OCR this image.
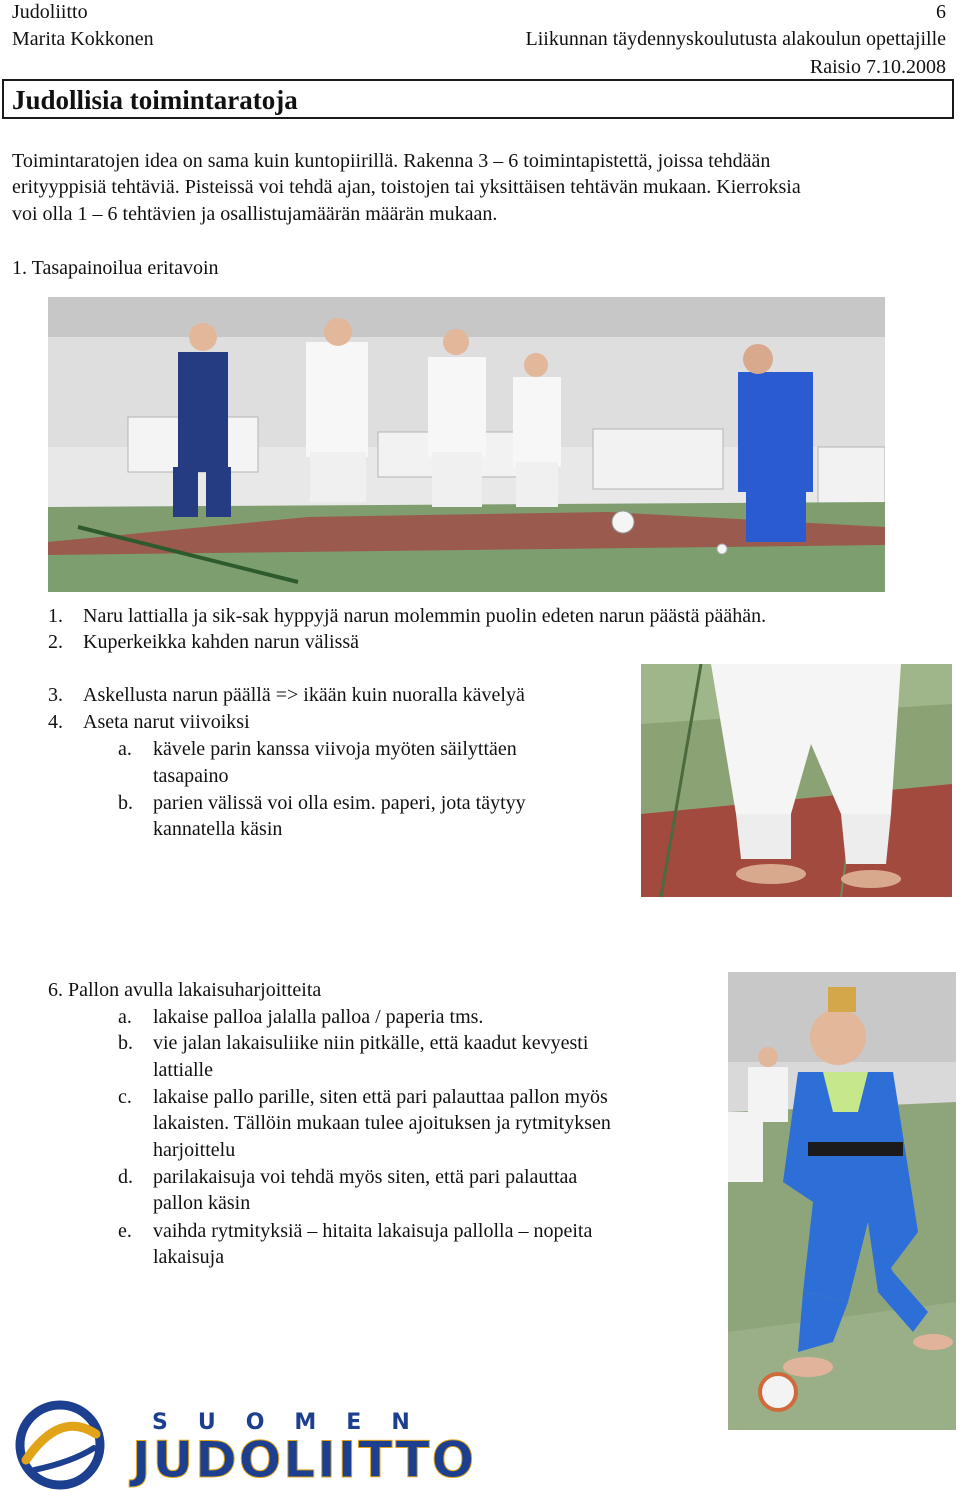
Judoliitto	6
Marita Kokkonen	Liikunnan täydennyskoulutusta alakoulun opettajille
Raisio 7.10.2008
Judollisia toimintaratoja
Toimintaratojen idea on sama kuin kuntopiirillä. Rakenna 3 – 6 toimintapistettä, joissa tehdään
erityyppisiä tehtäviä. Pisteissä voi tehdä ajan, toistojen tai yksittäisen tehtävän mukaan. Kierroksia
voi olla 1 – 6 tehtävien ja osallistujamäärän määrän mukaan.
1. Tasapainoilua eritavoin
1. Naru lattialla ja sik-sak hyppyjä narun molemmin puolin edeten narun päästä päähän.
2. Kuperkeikka kahden narun välissä
3. Askellusta narun päällä => ikään kuin nuoralla kävelyä
4. Aseta narut viivoiksi
a. kävele parin kanssa viivoja myöten säilyttäen
tasapaino
b. parien välissä voi olla esim. paperi, jota täytyy
kannatella käsin
6. Pallon avulla lakaisuharjoitteita
a. lakaise palloa jalalla palloa / paperia tms.
b. vie jalan lakaisuliike niin pitkälle, että kaadut kevyesti
lattialle
c. lakaise pallo parille, siten että pari palauttaa pallon myös
lakaisten. Tällöin mukaan tulee ajoituksen ja rytmityksen
harjoittelu
d. parilakaisuja voi tehdä myös siten, että pari palauttaa
pallon käsin
e. vaihda rytmityksiä – hitaita lakaisuja pallolla – nopeita
lakaisuja
SUOMEN
JUDOLIITTO
